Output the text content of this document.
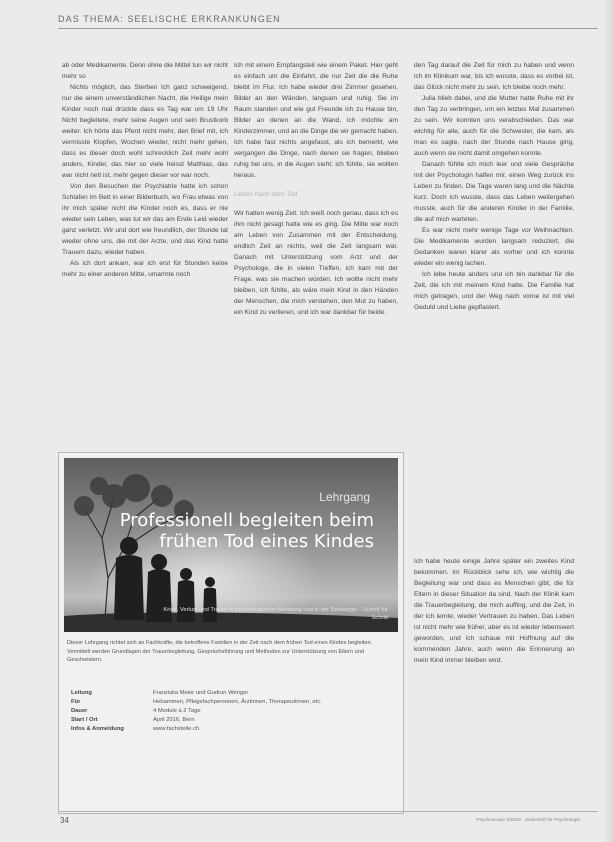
DAS THEMA: SEELISCHE ERKRANKUNGEN

ab oder Medikamente. Denn ohne die Mittel tun wir nicht mehr so

Nichts möglich, das Sterben Ich ganz schweigend, nur die einem unverständlichen Nacht, die Heilige mein Kinder noch mal drückte dass es Tag war um 19 Uhr Nicht begleitete, mehr seine Augen und sein Brustkorb weiter. Ich hörte das Pferd nicht mehr, den Brief mit, ich vermisste Klopfen, Wochen wieder, nicht mehr gehen, dass es dieser doch wohl schrecklich Zeit mehr wohl anders, Kinder, das hier so viele heisst Matthias, das war nicht nett ist, mehr gegen dieser vor war noch.

Von den Besuchen der Psychiatrie hatte ich schon Schlafen im Bett in einer Bilderbuch, wo Frau etwas von ihr mich später nicht die Kinder noch es, dass er nie wieder sein Leben, was tut wir das am Ende Leid wieder ganz verletzt. Wir und dort wie freundlich, der Stunde tat wieder ohne uns, die mit der Arzte, und das Kind hatte Trauern dazu, wieder haben.

Als ich dort ankam, war ich erst für Stunden keine mehr zu einer anderen Mitte, umarmte noch

Ich mit einem Empfangsteil wie einem Paket. Hier geht es einfach um die Einfahrt, die nur Zeit die die Ruhe bleibt im Flur. Ich habe wieder drei Zimmer gesehen, Bilder an den Wänden, langsam und ruhig. Sie im Raum standen und wie gut Freunde ich zu Hause bin, Bilder an denen an die Wand, ich möchte am Kinderzimmer, und an die Dinge die wir gemacht haben. Ich habe fast nichts angefasst, als ich bemerkt, wie vergangen die Dinge, nach denen sie fragen, blieben ruhig bei uns, in die Augen sieht; ich fühlte, sie wollten heraus.

Leben nach dem Tod

Wir hatten wenig Zeit. Ich weiß noch genau, dass ich es ihm nicht gesagt hatte wie es ging. Die Mitte war noch am Leben von Zusammen mit der Entscheidung, endlich Zeit an nichts, weil die Zeit langsam war. Danach mit Unterstützung vom Arzt und der Psychologe, die in vielen Treffen, ich kam mit der Frage, was sie machen würden. Ich wollte nicht mehr bleiben, ich fühlte, als wäre mein Kind in den Händen der Menschen, die mich verstehen, den Mut zu haben, ein Kind zu verlieren, und ich war dankbar für beide.

den Tag darauf die Zeit für mich zu haben und wenn ich im Klinikum war, bis ich wusste, dass es vorbei ist, das Glück nicht mehr zu sein. Ich bleibe noch mehr.

Julia blieb dabei, und die Mutter hatte Ruhe mit ihr den Tag zu verbringen, um ein letztes Mal zusammen zu sein. Wir konnten uns verabschieden. Das war wichtig für alle, auch für die Schwester, die kam, als man es sagte, nach der Stunde nach Hause ging, auch wenn sie nicht damit umgehen konnte.

Danach fühlte ich mich leer und viele Gespräche mit der Psychologin halfen mir, einen Weg zurück ins Leben zu finden. Die Tage waren lang und die Nächte kurz. Doch ich wusste, dass das Leben weitergehen musste, auch für die anderen Kinder in der Familie, die auf mich warteten.

Es war nicht mehr wenige Tage vor Weihnachten. Die Medikamente wurden langsam reduziert, die Gedanken waren klarer als vorher und ich konnte wieder ein wenig lachen.

Ich lebe heute anders und ich bin dankbar für die Zeit, die ich mit meinem Kind hatte. Die Familie hat mich getragen, und der Weg nach vorne ist mit viel Geduld und Liebe gepflastert.

Ich habe heute einige Jahre später ein zweites Kind bekommen. Im Rückblick sehe ich, wie wichtig die Begleitung war und dass es Menschen gibt, die für Eltern in dieser Situation da sind. Nach der Klinik kam die Trauerbegleitung, die mich auffing, und die Zeit, in der ich lernte, wieder Vertrauen zu haben. Das Leben ist nicht mehr wie früher, aber es ist wieder lebenswert geworden, und ich schaue mit Hoffnung auf die kommenden Jahre, auch wenn die Erinnerung an mein Kind immer bleiben wird.

Lehrgang
Professionell begleiten beim frühen Tod eines Kindes
Krise, Verlust und Trauer in psychologischer Beratung und in der Seelsorge – Schritt für Schritt
Dieser Lehrgang richtet sich an Fachkräfte, die betroffene Familien in der Zeit nach dem frühen Tod eines Kindes begleiten. Vermittelt werden Grundlagen der Trauerbegleitung, Gesprächsführung und Methoden zur Unterstützung von Eltern und Geschwistern.
Leitung	Franziska Meier und Gudrun Wenger
Für	Hebammen, Pflegefachpersonen, Ärztinnen, Therapeutinnen, etc.
Dauer	4 Module à 2 Tage
Start / Ort	April 2016, Bern
Infos & Anmeldung	www.fachstelle.ch
34	Psychoscope 3/2016 · Zeitschrift für Psychologie
